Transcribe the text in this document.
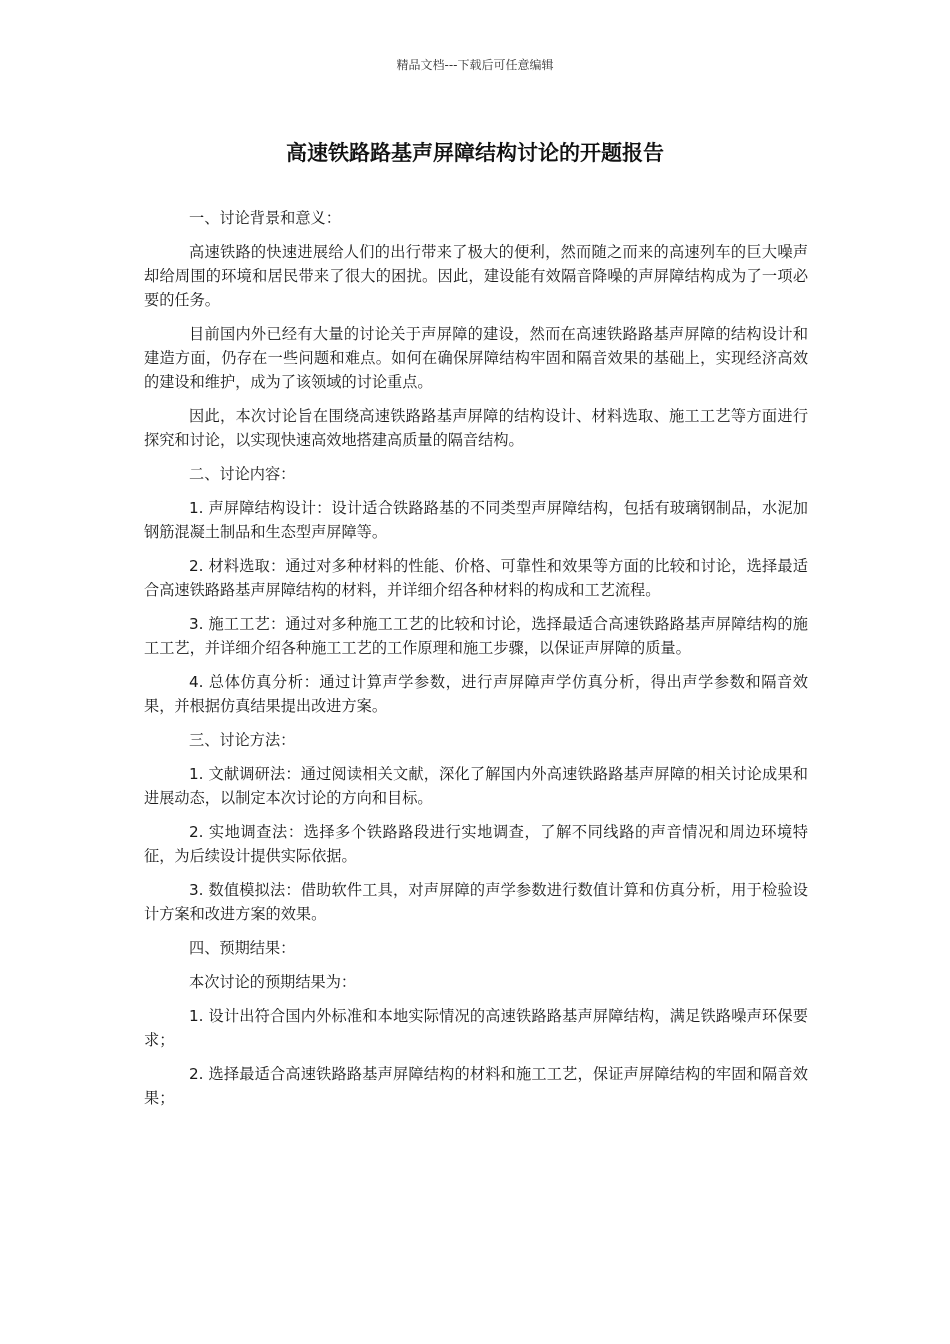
精品文档---下载后可任意编辑
高速铁路路基声屏障结构讨论的开题报告

一、讨论背景和意义：

高速铁路的快速进展给人们的出行带来了极大的便利，然而随之而来的高速列车的巨大噪声却给周围的环境和居民带来了很大的困扰。因此，建设能有效隔音降噪的声屏障结构成为了一项必要的任务。

目前国内外已经有大量的讨论关于声屏障的建设，然而在高速铁路路基声屏障的结构设计和建造方面，仍存在一些问题和难点。如何在确保屏障结构牢固和隔音效果的基础上，实现经济高效的建设和维护，成为了该领域的讨论重点。

因此，本次讨论旨在围绕高速铁路路基声屏障的结构设计、材料选取、施工工艺等方面进行探究和讨论，以实现快速高效地搭建高质量的隔音结构。

二、讨论内容：

1. 声屏障结构设计：设计适合铁路路基的不同类型声屏障结构，包括有玻璃钢制品，水泥加钢筋混凝土制品和生态型声屏障等。

2. 材料选取：通过对多种材料的性能、价格、可靠性和效果等方面的比较和讨论，选择最适合高速铁路路基声屏障结构的材料，并详细介绍各种材料的构成和工艺流程。

3. 施工工艺：通过对多种施工工艺的比较和讨论，选择最适合高速铁路路基声屏障结构的施工工艺，并详细介绍各种施工工艺的工作原理和施工步骤，以保证声屏障的质量。

4. 总体仿真分析：通过计算声学参数，进行声屏障声学仿真分析，得出声学参数和隔音效果，并根据仿真结果提出改进方案。

三、讨论方法：

1. 文献调研法：通过阅读相关文献，深化了解国内外高速铁路路基声屏障的相关讨论成果和进展动态，以制定本次讨论的方向和目标。

2. 实地调查法：选择多个铁路路段进行实地调查，了解不同线路的声音情况和周边环境特征，为后续设计提供实际依据。

3. 数值模拟法：借助软件工具，对声屏障的声学参数进行数值计算和仿真分析，用于检验设计方案和改进方案的效果。

四、预期结果：

本次讨论的预期结果为：

1. 设计出符合国内外标准和本地实际情况的高速铁路路基声屏障结构，满足铁路噪声环保要求；

2. 选择最适合高速铁路路基声屏障结构的材料和施工工艺，保证声屏障结构的牢固和隔音效果；
